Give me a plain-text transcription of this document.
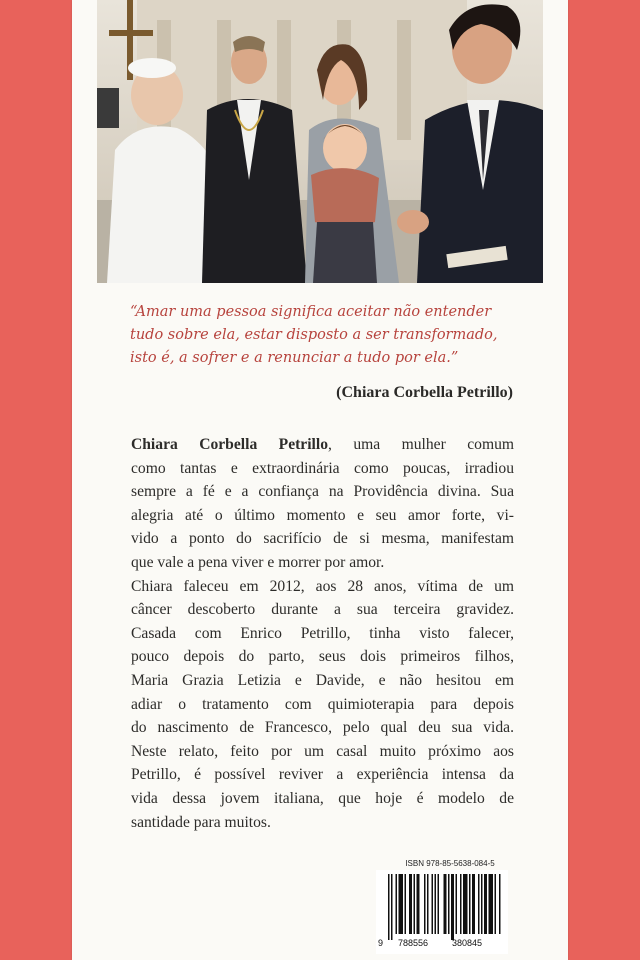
“Amar uma pessoa significa aceitar não entender
tudo sobre ela, estar disposto a ser transformado,
isto é, a sofrer e a renunciar a tudo por ela.”
(Chiara Corbella Petrillo)
Chiara Corbella Petrillo, uma mulher comum
como tantas e extraordinária como poucas, irradiou
sempre a fé e a confiança na Providência divina. Sua
alegria até o último momento e seu amor forte, vi-
vido a ponto do sacrifício de si mesma, manifestam
que vale a pena viver e morrer por amor.
Chiara faleceu em 2012, aos 28 anos, vítima de um
câncer descoberto durante a sua terceira gravidez.
Casada com Enrico Petrillo, tinha visto falecer,
pouco depois do parto, seus dois primeiros filhos,
Maria Grazia Letizia e Davide, e não hesitou em
adiar o tratamento com quimioterapia para depois
do nascimento de Francesco, pelo qual deu sua vida.
Neste relato, feito por um casal muito próximo aos
Petrillo, é possível reviver a experiência intensa da
vida dessa jovem italiana, que hoje é modelo de
santidade para muitos.
ISBN 978-85-5638-084-5
9 788556	380845
